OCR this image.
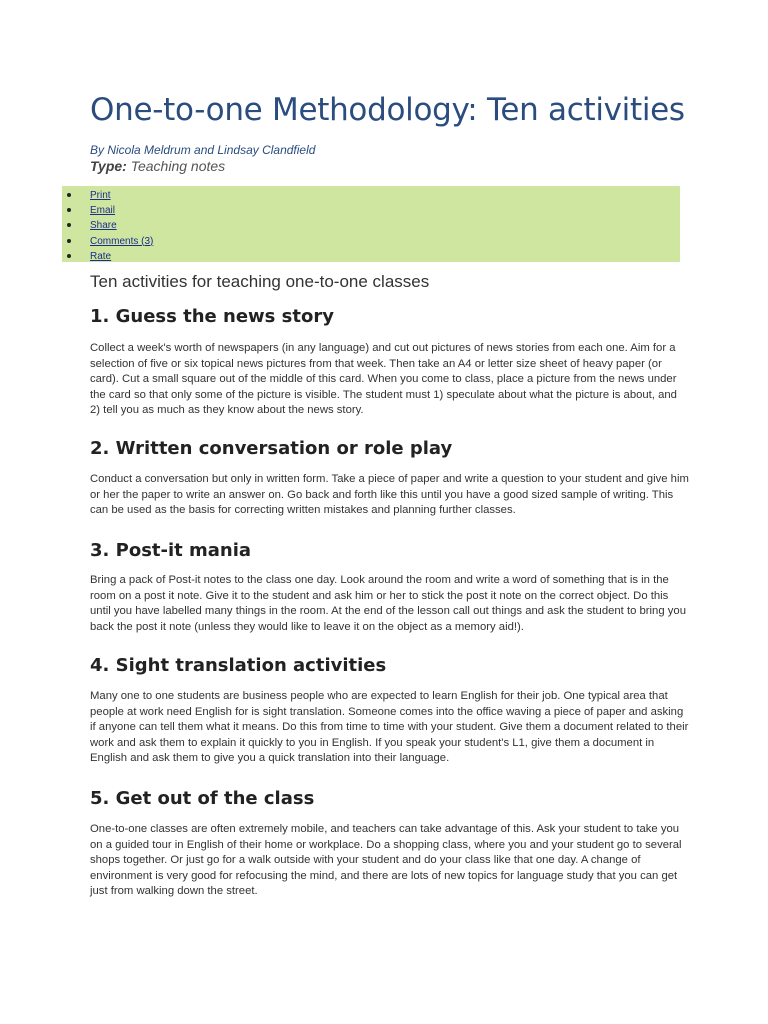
One-to-one Methodology: Ten activities
By Nicola Meldrum and Lindsay Clandfield
Type: Teaching notes
Print
Email
Share
Comments (3)
Rate
Ten activities for teaching one-to-one classes
1. Guess the news story

Collect a week's worth of newspapers (in any language) and cut out pictures of news stories from each one. Aim for a selection of five or six topical news pictures from that week. Then take an A4 or letter size sheet of heavy paper (or card). Cut a small square out of the middle of this card. When you come to class, place a picture from the news under the card so that only some of the picture is visible. The student must 1) speculate about what the picture is about, and 2) tell you as much as they know about the news story.

2. Written conversation or role play

Conduct a conversation but only in written form. Take a piece of paper and write a question to your student and give him or her the paper to write an answer on. Go back and forth like this until you have a good sized sample of writing. This can be used as the basis for correcting written mistakes and planning further classes.

3. Post-it mania

Bring a pack of Post-it notes to the class one day. Look around the room and write a word of something that is in the room on a post it note. Give it to the student and ask him or her to stick the post it note on the correct object. Do this until you have labelled many things in the room. At the end of the lesson call out things and ask the student to bring you back the post it note (unless they would like to leave it on the object as a memory aid!).

4. Sight translation activities

Many one to one students are business people who are expected to learn English for their job. One typical area that people at work need English for is sight translation. Someone comes into the office waving a piece of paper and asking if anyone can tell them what it means. Do this from time to time with your student. Give them a document related to their work and ask them to explain it quickly to you in English. If you speak your student's L1, give them a document in English and ask them to give you a quick translation into their language.

5. Get out of the class

One-to-one classes are often extremely mobile, and teachers can take advantage of this. Ask your student to take you on a guided tour in English of their home or workplace. Do a shopping class, where you and your student go to several shops together. Or just go for a walk outside with your student and do your class like that one day. A change of environment is very good for refocusing the mind, and there are lots of new topics for language study that you can get just from walking down the street.
